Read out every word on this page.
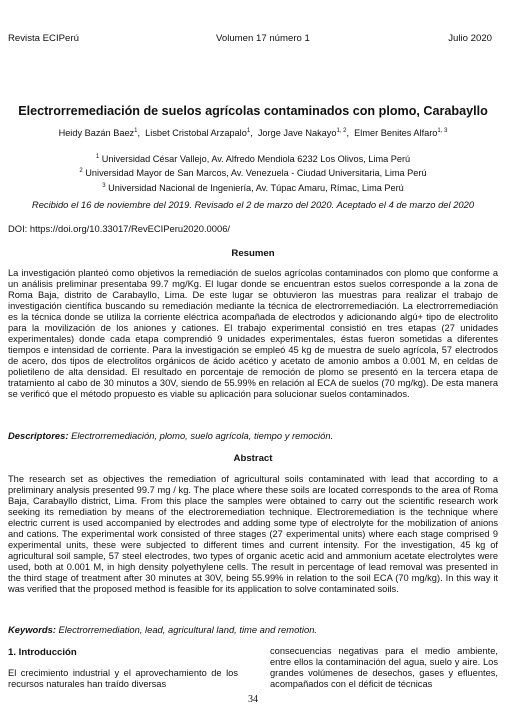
Revista ECIPerú	Volumen 17 número 1	Julio 2020
Electrorremediación de suelos agrícolas contaminados con plomo, Carabayllo
Heidy Bazán Baez$^1$,  Lisbet Cristobal Arzapalo$^1$,  Jorge Jave Nakayo$^{1, 2}$,  Elmer Benites Alfaro$^{1, 3}$
$^1$ Universidad César Vallejo, Av. Alfredo Mendiola 6232 Los Olivos, Lima Perú
$^2$ Universidad Mayor de San Marcos, Av. Venezuela - Ciudad Universitaria, Lima Perú
$^3$ Universidad Nacional de Ingeniería, Av. Túpac Amaru, Rímac, Lima Perú
Recibido el 16 de noviembre del 2019. Revisado el 2 de marzo del 2020. Aceptado el 4 de marzo del 2020
DOI: https://doi.org/10.33017/RevECIPeru2020.0006/
Resumen

La investigación planteó como objetivos la remediación de suelos agrícolas contaminados con plomo que conforme a un análisis preliminar presentaba 99.7 mg/Kg. El lugar donde se encuentran estos suelos corresponde a la zona de Roma Baja, distrito de Carabayllo, Lima. De este lugar se obtuvieron las muestras para realizar el trabajo de investigación científica buscando su remediación mediante la técnica de electrorremediación. La electrorremediación es la técnica donde se utiliza la corriente eléctrica acompañada de electrodos y adicionando algú+ tipo de electrolito para la movilización de los aniones y cationes. El trabajo experimental consistió en tres etapas (27 unidades experimentales) donde cada etapa comprendió 9 unidades experimentales, éstas fueron sometidas a diferentes tiempos e intensidad de corriente. Para la investigación se empleó 45 kg de muestra de suelo agrícola, 57 electrodos de acero, dos tipos de electrolitos orgánicos de ácido acético y acetato de amonio ambos a 0.001 M, en celdas de polietileno de alta densidad. El resultado en porcentaje de remoción de plomo se presentó en la tercera etapa de tratamiento al cabo de 30 minutos a 30V, siendo de 55.99% en relación al ECA de suelos (70 mg/kg). De esta manera se verificó que el método propuesto es viable su aplicación para solucionar suelos contaminados.

Descriptores: Electrorremediación, plomo, suelo agrícola, tiempo y remoción.
Abstract

The research set as objectives the remediation of agricultural soils contaminated with lead that according to a preliminary analysis presented 99.7 mg / kg. The place where these soils are located corresponds to the area of Roma Baja, Carabayllo district, Lima. From this place the samples were obtained to carry out the scientific research work seeking its remediation by means of the electroremediation technique. Electroremediation is the technique where electric current is used accompanied by electrodes and adding some type of electrolyte for the mobilization of anions and cations. The experimental work consisted of three stages (27 experimental units) where each stage comprised 9 experimental units, these were subjected to different times and current intensity. For the investigation, 45 kg of agricultural soil sample, 57 steel electrodes, two types of organic acetic acid and ammonium acetate electrolytes were used, both at 0.001 M, in high density polyethylene cells. The result in percentage of lead removal was presented in the third stage of treatment after 30 minutes at 30V, being 55.99% in relation to the soil ECA (70 mg/kg). In this way it was verified that the proposed method is feasible for its application to solve contaminated soils.

Keywords: Electrorremediation, lead, agricultural land, time and remotion.
1. Introducción

El crecimiento industrial y el aprovechamiento de los recursos naturales han traído diversas

consecuencias negativas para el medio ambiente, entre ellos la contaminación del agua, suelo y aire. Los grandes volúmenes de desechos, gases y efluentes, acompañados con el déficit de técnicas

34
